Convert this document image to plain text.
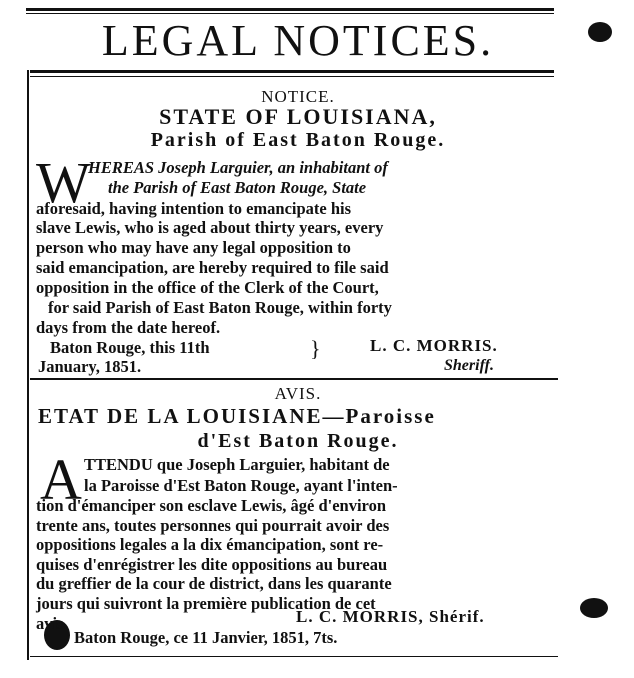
LEGAL NOTICES.
NOTICE.
STATE OF LOUISIANA,
Parish of East Baton Rouge.
W
HEREAS Joseph Larguier, an inhabitant of
the Parish of East Baton Rouge, State
aforesaid, having intention to emancipate his
slave Lewis, who is aged about thirty years, every
person who may have any legal opposition to
said emancipation, are hereby required to file said
opposition in the office of the Clerk of the Court,
for said Parish of East Baton Rouge, within forty
days from the date hereof.
Baton Rouge, this 11th
January, 1851.
}	L. C. MORRIS.
Sheriff.
AVIS.
ETAT DE LA LOUISIANE—Paroisse
d'Est Baton Rouge.
A TTENDU que Joseph Larguier, habitant de
la Paroisse d'Est Baton Rouge, ayant l'inten-
tion d'émanciper son esclave Lewis, âgé d'environ
trente ans, toutes personnes qui pourrait avoir des
oppositions legales a la dix émancipation, sont re-
quises d'enrégistrer les dite oppositions au bureau
du greffier de la cour de district, dans les quarante
jours qui suivront la première publication de cet
avis.	L. C. MORRIS, Shérif.
Baton Rouge, ce 11 Janvier, 1851, 7ts.
